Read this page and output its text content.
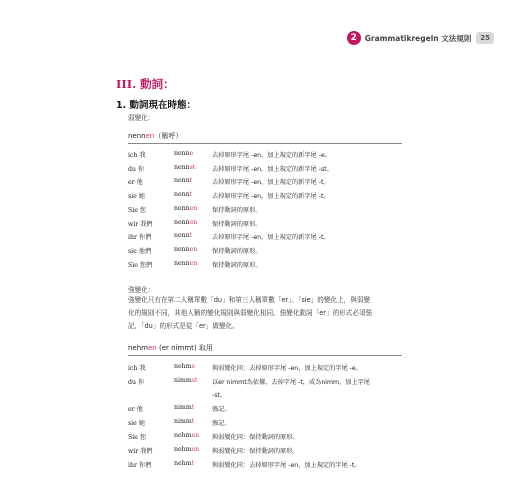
2	Grammatikregeln 文法規則	25
III. 動詞：
1. 動詞現在時態：
弱變化：
nennen（稱呼）
ich 我	nenne	去掉原形字尾 -en，加上規定的新字尾 -e。
du 你	nennst	去掉原形字尾 -en，加上規定的新字尾 -st。
er 他	nennt	去掉原形字尾 -en，加上規定的新字尾 -t。
sie 她	nennt	去掉原形字尾 -en，加上規定的新字尾 -t。
Sie 您	nennen 保持動詞的原形。
wir 我們	nennen 保持動詞的原形。
ihr 你們	nennt	去掉原形字尾 -en，加上規定的新字尾 -t。
sie 他們	nennen 保持動詞的原形。
Sie 您們	nennen 保持動詞的原形。
強變化：
強變化只有在第二人稱單數「du」和第三人稱單數「er」、「sie」的變化上，與弱變
化的規則不同，其他人稱的變化規則與弱變化相同。強變化動詞「er」的形式必須強
記，「du」的形式是從「er」做變化。
nehmen (er nimmt) 取用
ich 我	nehme	與弱變化同：去掉原形字尾 -en，加上規定的字尾 -e。
du 你	nimmst 以er nimmt為依據，去掉字尾 -t，成為nimm，加上字尾
-st。
er 他	nimmt	強記。
sie 她	nimmt	強記。
Sie 您	nehmen 與弱變化同：保持動詞的原形。
wir 我們	nehmen 與弱變化同：保持動詞的原形。
ihr 你們	nehmt	與弱變化同：去掉原形字尾 -en，加上規定的字尾 -t。
